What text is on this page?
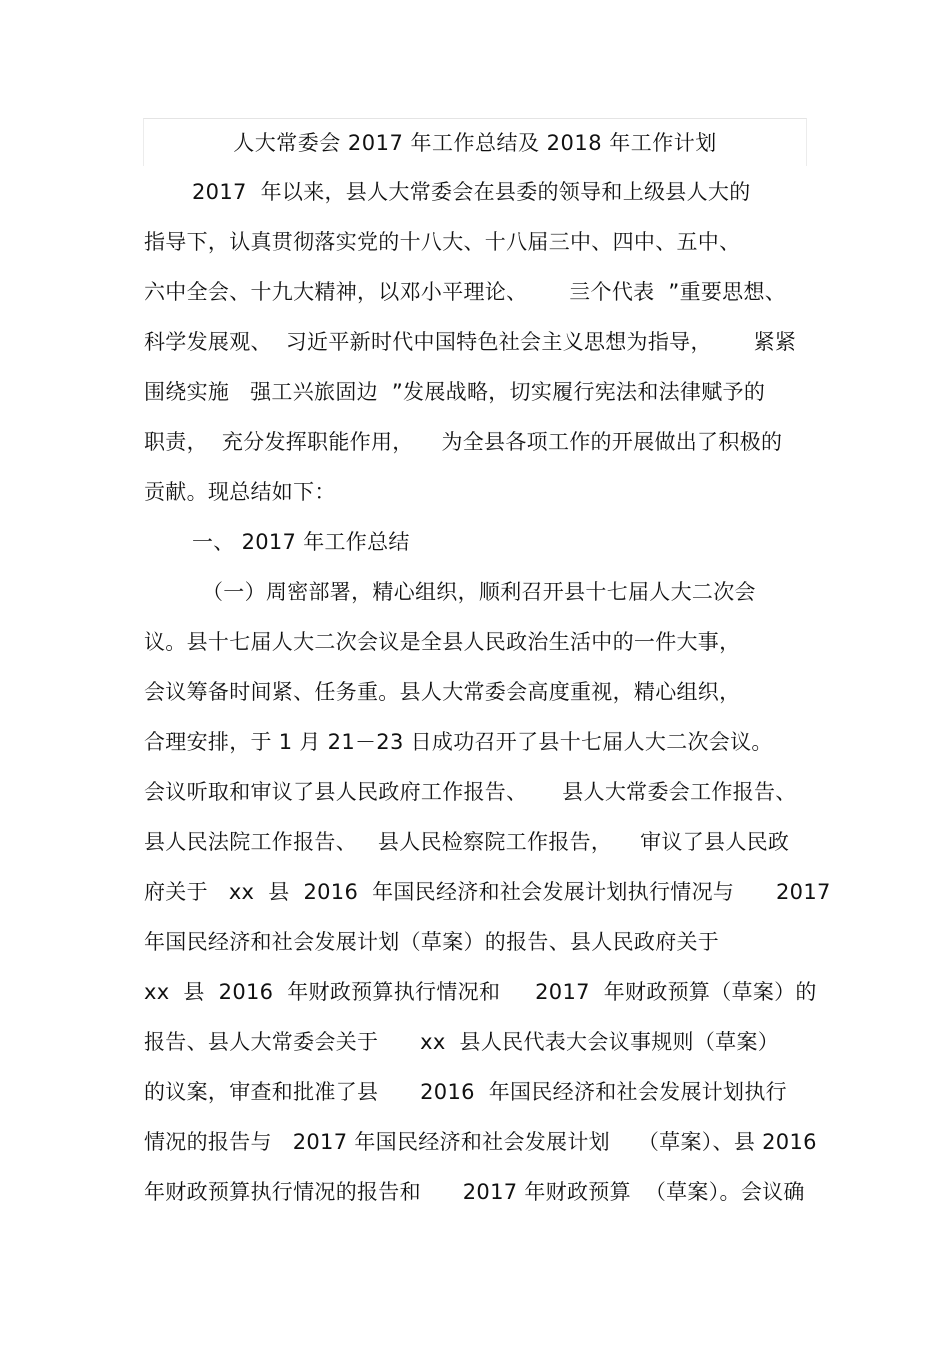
人大常委会 2017 年工作总结及 2018 年工作计划
2017  年以来，县人大常委会在县委的领导和上级县人大的
指导下，认真贯彻落实党的十八大、十八届三中、四中、五中、
六中全会、十九大精神，以邓小平理论、      亖个代表  ”重要思想、
科学发展观、  习近平新时代中国特色社会主义思想为指导，      紧紧
围绕实施   强工兴旅固边  ”发展战略，切实履行宪法和法律赋予的
职责，  充分发挥职能作用，    为全县各项工作的开展做出了积极的
贡献。现总结如下：
一、 2017 年工作总结
（一）周密部署，精心组织，顺利召开县十七届人大二次会
议。县十七届人大二次会议是全县人民政治生活中的一件大事，
会议筹备时间紧、任务重。县人大常委会高度重视，精心组织，
合理安排，于 1 月 21－23 日成功召开了县十七届人大二次会议。
会议听取和审议了县人民政府工作报告、     县人大常委会工作报告、
县人民法院工作报告、   县人民检察院工作报告，    审议了县人民政
府关于   xx  县  2016  年国民经济和社会发展计划执行情况与      2017
年国民经济和社会发展计划（草案）的报告、县人民政府关于
xx  县  2016  年财政预算执行情况和     2017  年财政预算（草案）的
报告、县人大常委会关于      xx  县人民代表大会议事规则（草案）
的议案，审查和批准了县      2016  年国民经济和社会发展计划执行
情况的报告与   2017 年国民经济和社会发展计划    （草案）、县 2016
年财政预算执行情况的报告和      2017 年财政预算  （草案）。会议确
